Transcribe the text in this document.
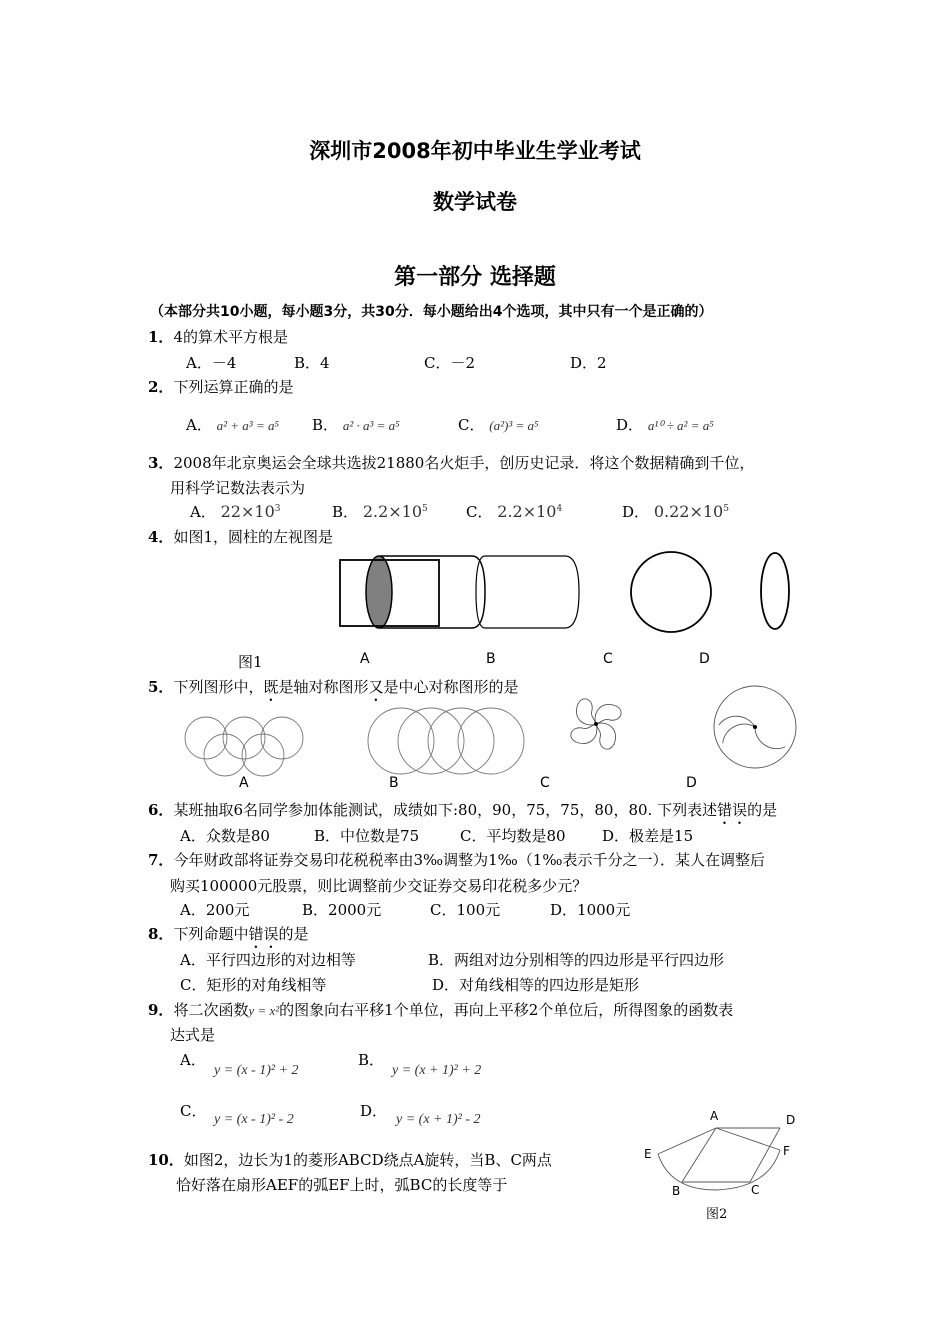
深圳市2008年初中毕业生学业考试
数学试卷
第一部分 选择题
（本部分共10小题，每小题3分，共30分．每小题给出4个选项，其中只有一个是正确的）
1．4的算术平方根是
A．－4	B．4	C．－2	D．2
2．下列运算正确的是
A． a² + a³ = a⁵ B． a² · a³ = a⁵	C． (a²)³ = a⁵	D． a¹⁰ ÷ a² = a⁵
3．2008年北京奥运会全球共选拔21880名火炬手，创历史记录．将这个数据精确到千位，
用科学记数法表示为
A． $22\times 10^3$	B． $2.2\times 10^5$	C． $2.2\times 10^4$	D． $0.22\times 10^5$
4．如图1，圆柱的左视图是
图1	A	B	C	D
5．下列图形中，既是轴对称图形又是中心对称图形的是
A	B	C	D
6．某班抽取6名同学参加体能测试，成绩如下:80，90，75，75，80，80. 下列表述错误的是
A．众数是80	B．中位数是75	C．平均数是80 D．极差是15
7．今年财政部将证券交易印花税税率由3‰调整为1‰（1‰表示千分之一）．某人在调整后
购买100000元股票，则比调整前少交证券交易印花税多少元？
A．200元	B．2000元	C．100元	D．1000元
8．下列命题中错误的是
A．平行四边形的对边相等	B．两组对边分别相等的四边形是平行四边形
C．矩形的对角线相等	D．对角线相等的四边形是矩形
9．将二次函数y = x²的图象向右平移1个单位，再向上平移2个单位后，所得图象的函数表
达式是
A．
y = (x - 1)² + 2
B．
y = (x + 1)² + 2
C． y = (x - 1)² - 2	D． y = (x + 1)² - 2
10．如图2，边长为1的菱形ABCD绕点A旋转，当B、C两点
恰好落在扇形AEF的弧EF上时，弧BC的长度等于
A	D
E	F
B	C
图2
